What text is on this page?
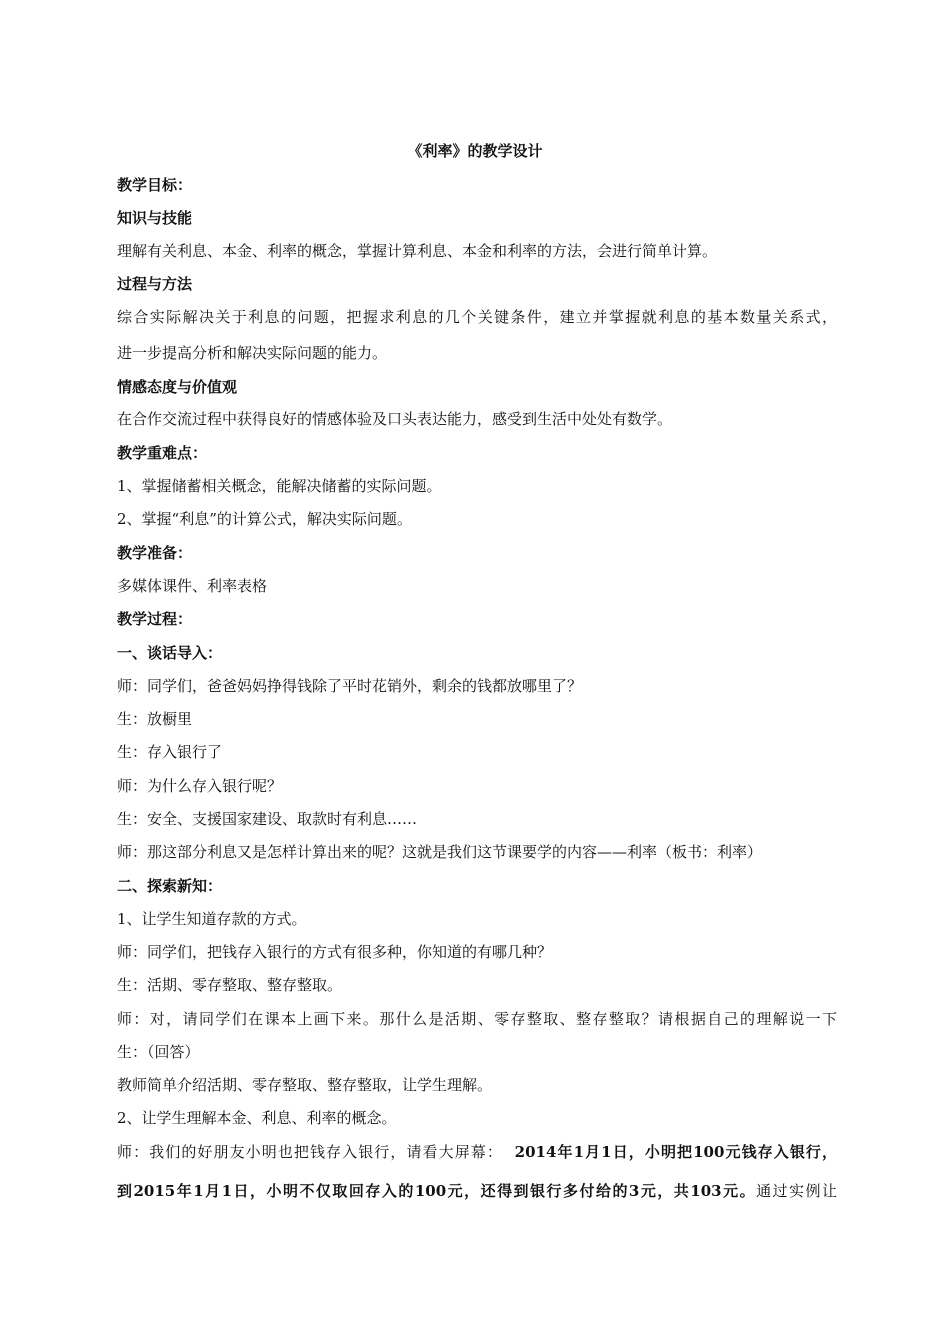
《利率》的教学设计
教学目标：
知识与技能
理解有关利息、本金、利率的概念，掌握计算利息、本金和利率的方法，会进行简单计算。
过程与方法
综合实际解决关于利息的问题，把握求利息的几个关键条件，建立并掌握就利息的基本数量关系式，
进一步提高分析和解决实际问题的能力。
情感态度与价值观
在合作交流过程中获得良好的情感体验及口头表达能力，感受到生活中处处有数学。
教学重难点：
1、掌握储蓄相关概念，能解决储蓄的实际问题。
2、掌握“利息”的计算公式，解决实际问题。
教学准备：
多媒体课件、利率表格
教学过程：
一、谈话导入：
师：同学们，爸爸妈妈挣得钱除了平时花销外，剩余的钱都放哪里了？
生：放橱里
生：存入银行了
师：为什么存入银行呢？
生：安全、支援国家建设、取款时有利息……
师：那这部分利息又是怎样计算出来的呢？这就是我们这节课要学的内容——利率（板书：利率）
二、探索新知：
1、让学生知道存款的方式。
师：同学们，把钱存入银行的方式有很多种，你知道的有哪几种？
生：活期、零存整取、整存整取。
师：对，请同学们在课本上画下来。那什么是活期、零存整取、整存整取？请根据自己的理解说一下
生：（回答）
教师简单介绍活期、零存整取、整存整取，让学生理解。
2、让学生理解本金、利息、利率的概念。
师：我们的好朋友小明也把钱存入银行，请看大屏幕： 2014年1月1日，小明把100元钱存入银行，
到2015年1月1日，小明不仅取回存入的100元，还得到银行多付给的3元，共103元。通过实例让
